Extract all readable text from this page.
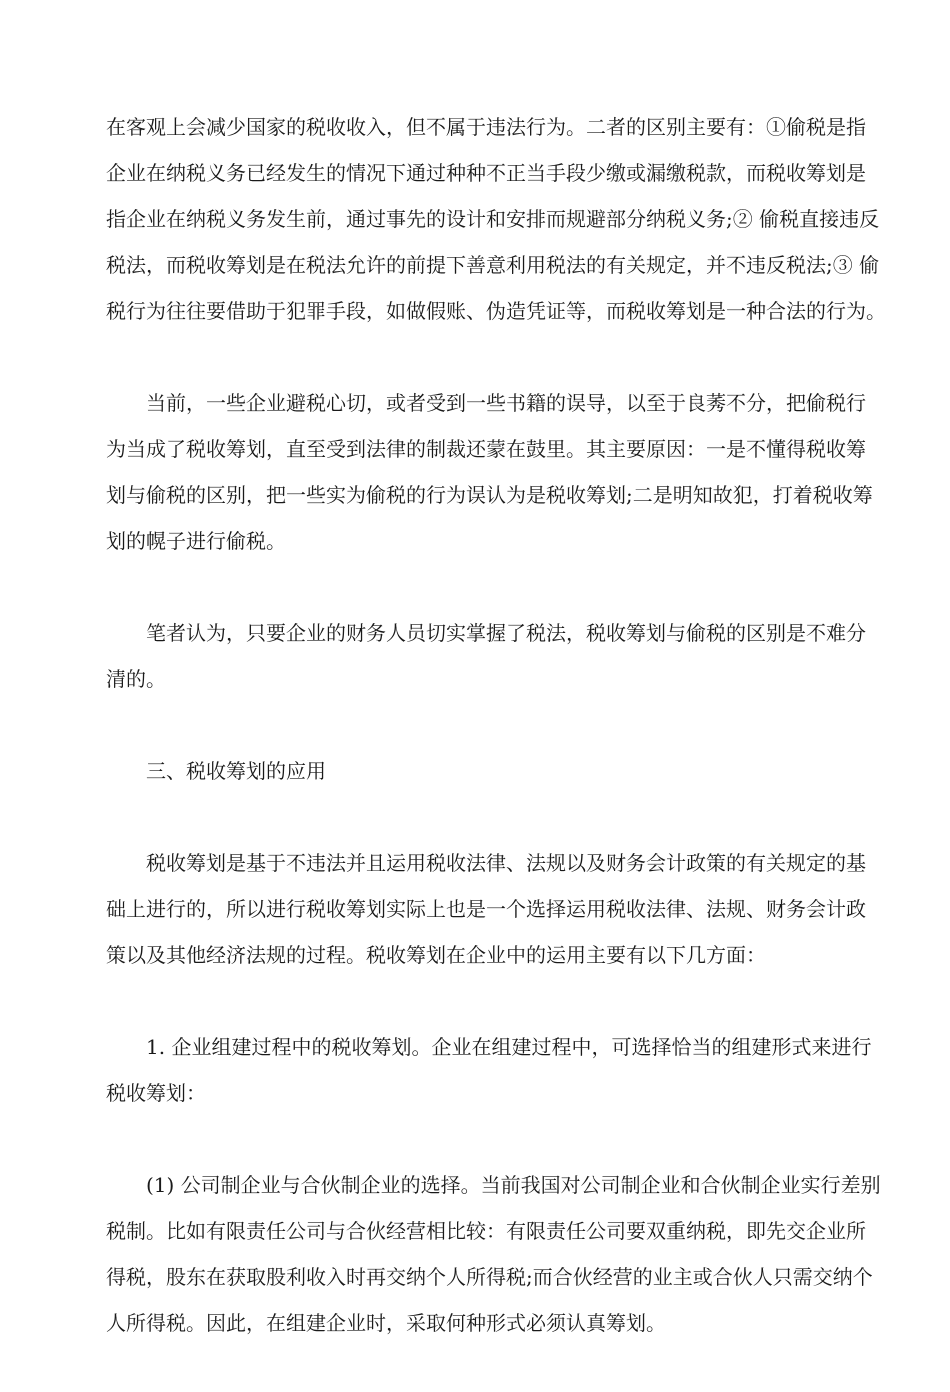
在客观上会减少国家的税收收入，但不属于违法行为。二者的区别主要有：①偷税是指
企业在纳税义务已经发生的情况下通过种种不正当手段少缴或漏缴税款，而税收筹划是
指企业在纳税义务发生前，通过事先的设计和安排而规避部分纳税义务;② 偷税直接违反
税法，而税收筹划是在税法允许的前提下善意利用税法的有关规定，并不违反税法;③ 偷
税行为往往要借助于犯罪手段，如做假账、伪造凭证等，而税收筹划是一种合法的行为。
当前，一些企业避税心切，或者受到一些书籍的误导，以至于良莠不分，把偷税行
为当成了税收筹划，直至受到法律的制裁还蒙在鼓里。其主要原因：一是不懂得税收筹
划与偷税的区别，把一些实为偷税的行为误认为是税收筹划;二是明知故犯，打着税收筹
划的幌子进行偷税。
笔者认为，只要企业的财务人员切实掌握了税法，税收筹划与偷税的区别是不难分
清的。
三、税收筹划的应用
税收筹划是基于不违法并且运用税收法律、法规以及财务会计政策的有关规定的基
础上进行的，所以进行税收筹划实际上也是一个选择运用税收法律、法规、财务会计政
策以及其他经济法规的过程。税收筹划在企业中的运用主要有以下几方面：
1. 企业组建过程中的税收筹划。企业在组建过程中，可选择恰当的组建形式来进行
税收筹划：
(1) 公司制企业与合伙制企业的选择。当前我国对公司制企业和合伙制企业实行差别
税制。比如有限责任公司与合伙经营相比较：有限责任公司要双重纳税，即先交企业所
得税，股东在获取股利收入时再交纳个人所得税;而合伙经营的业主或合伙人只需交纳个
人所得税。因此，在组建企业时，采取何种形式必须认真筹划。
